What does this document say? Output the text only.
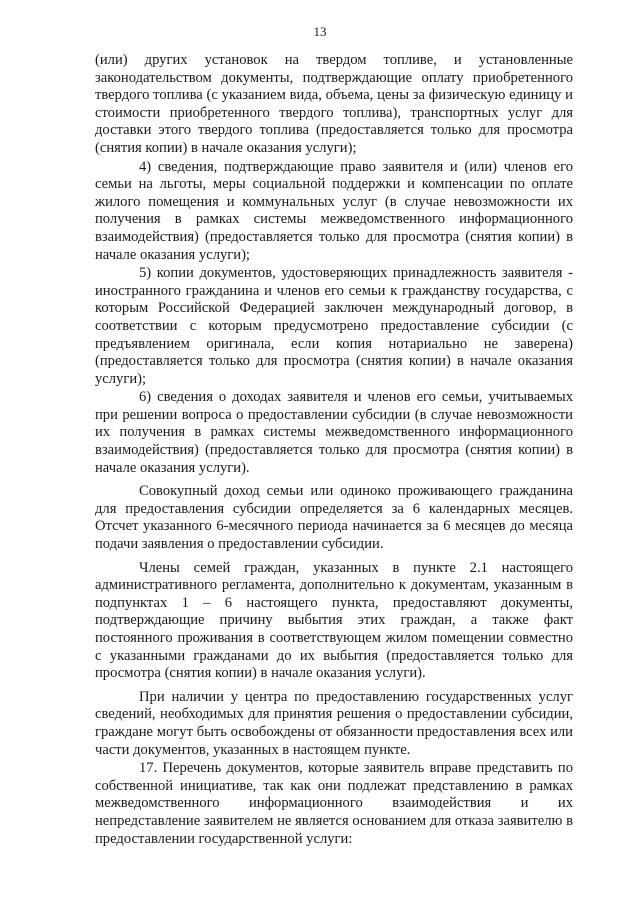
13

(или) других установок на твердом топливе, и установленные законодательством документы, подтверждающие оплату приобретенного твердого топлива (с указанием вида, объема, цены за физическую единицу и стоимости приобретенного твердого топлива), транспортных услуг для доставки этого твердого топлива (предоставляется только для просмотра (снятия копии) в начале оказания услуги);

4) сведения, подтверждающие право заявителя и (или) членов его семьи на льготы, меры социальной поддержки и компенсации по оплате жилого помещения и коммунальных услуг (в случае невозможности их получения в рамках системы межведомственного информационного взаимодействия) (предоставляется только для просмотра (снятия копии) в начале оказания услуги);

5) копии документов, удостоверяющих принадлежность заявителя - иностранного гражданина и членов его семьи к гражданству государства, с которым Российской Федерацией заключен международный договор, в соответствии с которым предусмотрено предоставление субсидии (с предъявлением оригинала, если копия нотариально не заверена) (предоставляется только для просмотра (снятия копии) в начале оказания услуги);

6) сведения о доходах заявителя и членов его семьи, учитываемых при решении вопроса о предоставлении субсидии (в случае невозможности их получения в рамках системы межведомственного информационного взаимодействия) (предоставляется только для просмотра (снятия копии) в начале оказания услуги).

Совокупный доход семьи или одиноко проживающего гражданина для предоставления субсидии определяется за 6 календарных месяцев. Отсчет указанного 6-месячного периода начинается за 6 месяцев до месяца подачи заявления о предоставлении субсидии.

Члены семей граждан, указанных в пункте 2.1 настоящего административного регламента, дополнительно к документам, указанным в подпунктах 1 – 6 настоящего пункта, предоставляют документы, подтверждающие причину выбытия этих граждан, а также факт постоянного проживания в соответствующем жилом помещении совместно с указанными гражданами до их выбытия (предоставляется только для просмотра (снятия копии) в начале оказания услуги).

При наличии у центра по предоставлению государственных услуг сведений, необходимых для принятия решения о предоставлении субсидии, граждане могут быть освобождены от обязанности предоставления всех или части документов, указанных в настоящем пункте.

17. Перечень документов, которые заявитель вправе представить по собственной инициативе, так как они подлежат представлению в рамках межведомственного информационного взаимодействия и их непредставление заявителем не является основанием для отказа заявителю в предоставлении государственной услуги:
